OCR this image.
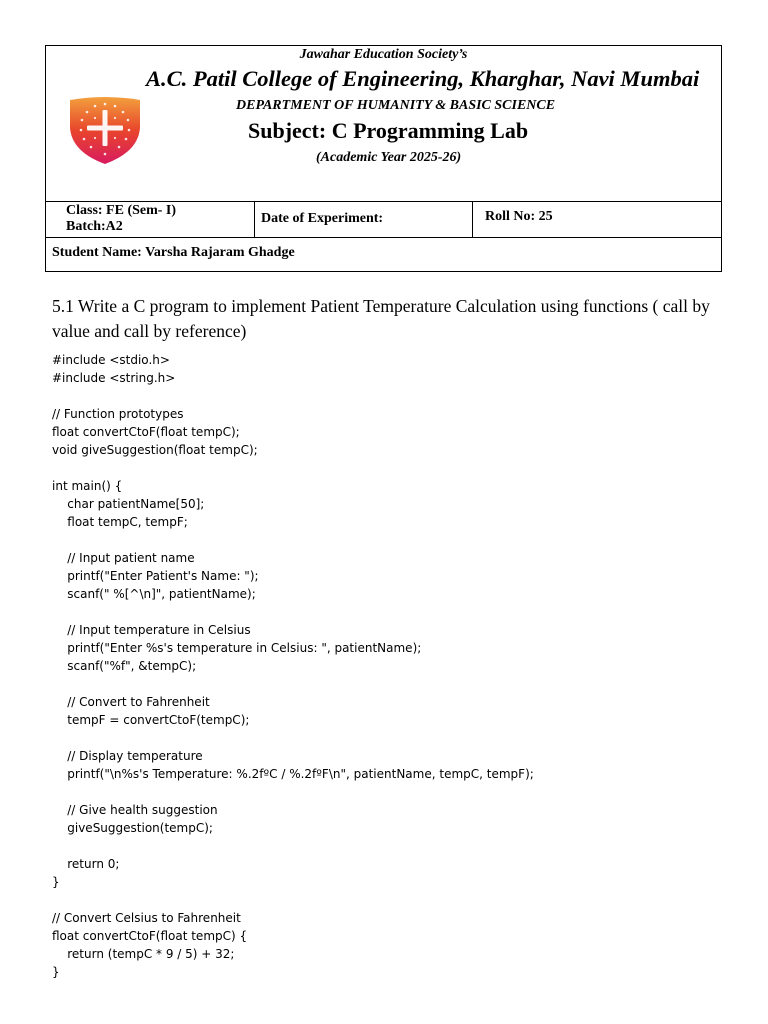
Jawahar Education Society’s
A.C. Patil College of Engineering, Kharghar, Navi Mumbai
DEPARTMENT OF HUMANITY & BASIC SCIENCE
Subject: C Programming Lab
(Academic Year 2025-26)
Class: FE (Sem- I)
Batch:A2
Date of Experiment:	Roll No: 25
Student Name: Varsha Rajaram Ghadge
5.1 Write a C program to implement Patient Temperature Calculation using functions ( call by value and call by reference)
#include <stdio.h>
#include <string.h>
// Function prototypes
float convertCtoF(float tempC);
void giveSuggestion(float tempC);
int main() {
char patientName[50];
float tempC, tempF;
// Input patient name
printf("Enter Patient's Name: ");
scanf(" %[^\n]", patientName);
// Input temperature in Celsius
printf("Enter %s's temperature in Celsius: ", patientName);
scanf("%f", &tempC);
// Convert to Fahrenheit
tempF = convertCtoF(tempC);
// Display temperature
printf("\n%s's Temperature: %.2fºC / %.2fºF\n", patientName, tempC, tempF);
// Give health suggestion
giveSuggestion(tempC);
return 0;
}
// Convert Celsius to Fahrenheit
float convertCtoF(float tempC) {
return (tempC * 9 / 5) + 32;
}
